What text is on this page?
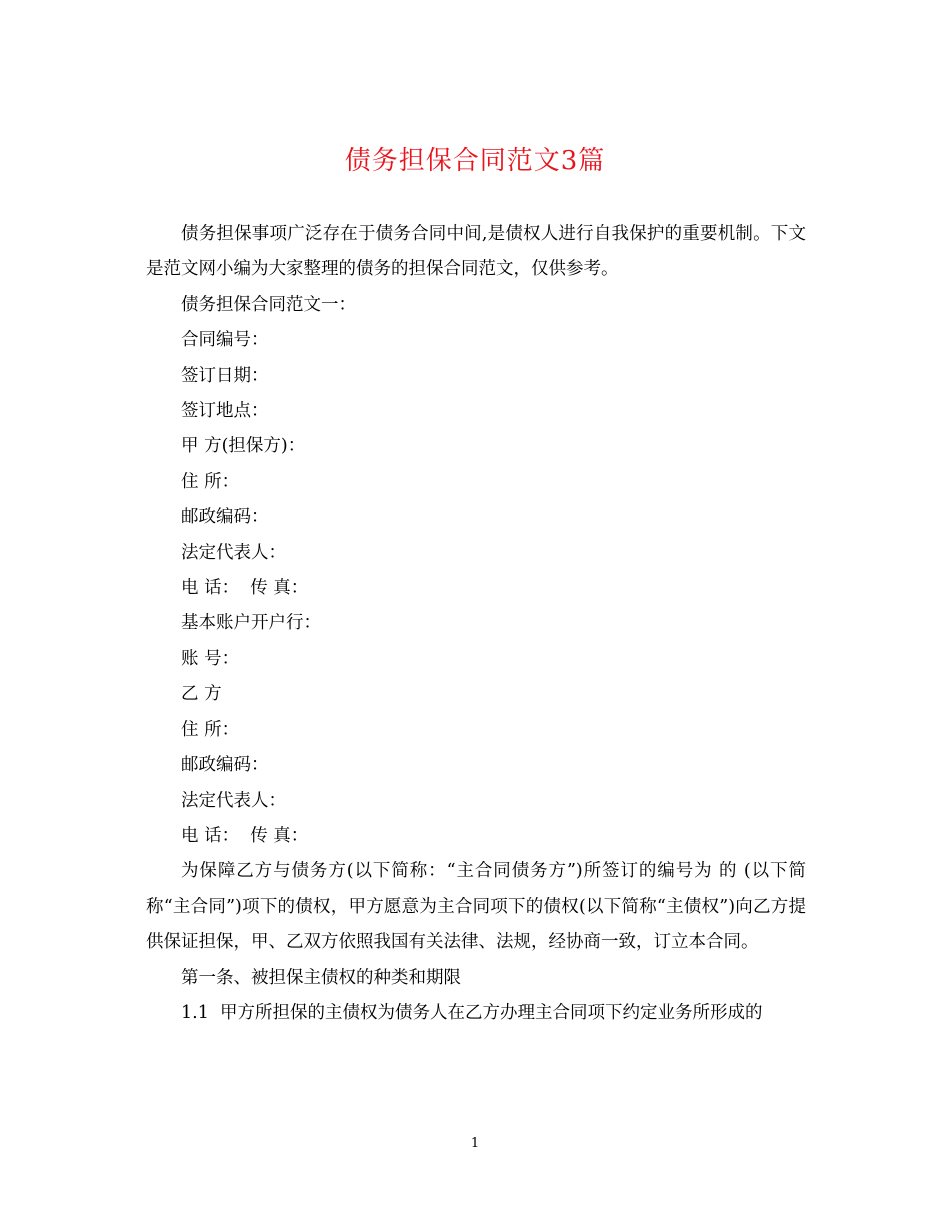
债务担保合同范文3篇

债务担保事项广泛存在于债务合同中间,是债权人进行自我保护的重要机制。下文是范文网小编为大家整理的债务的担保合同范文，仅供参考。

债务担保合同范文一：

合同编号：

签订日期：

签订地点：

甲 方(担保方)：

住 所：

邮政编码：

法定代表人：

电 话：  传 真：

基本账户开户行：

账 号：

乙 方

住 所：

邮政编码：

法定代表人：

电 话：  传 真：

为保障乙方与债务方(以下简称：“主合同债务方”)所签订的编号为 的 (以下简称“主合同”)项下的债权，甲方愿意为主合同项下的债权(以下简称“主债权”)向乙方提供保证担保，甲、乙双方依照我国有关法律、法规，经协商一致，订立本合同。

第一条、被担保主债权的种类和期限

1.1  甲方所担保的主债权为债务人在乙方办理主合同项下约定业务所形成的

1
